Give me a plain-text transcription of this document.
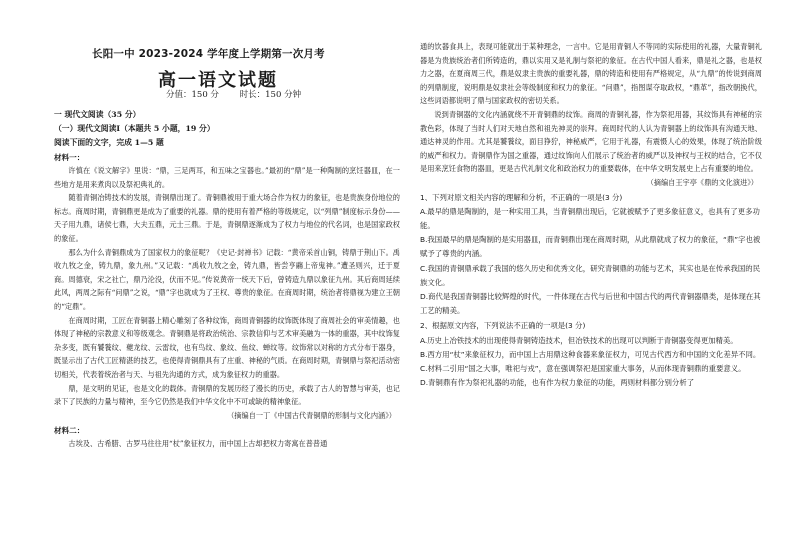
长阳一中 2023-2024 学年度上学期第一次月考
高一语文试题
分值：150 分 时长：150 分钟

一 现代文阅读（35 分）

（一）现代文阅读Ⅰ（本题共 5 小题，19 分）

阅读下面的文字，完成 1—5 题

材料一：

许慎在《说文解字》里说：“鼎，三足两耳，和五味之宝器也。”最初的“鼎”是一种陶制的烹饪器皿，在一些地方是用来煮肉以及祭祀典礼的。

随着青铜冶铸技术的发展，青铜鼎出现了。青铜鼎被用于重大场合作为权力的象征，也是贵族身份地位的标志。商周时期，青铜鼎更是成为了重要的礼器。鼎的使用有着严格的等级规定，以“列鼎”制度标示身份——天子用九鼎，诸侯七鼎，大夫五鼎，元士三鼎。于是，青铜鼎逐渐成为了权力与地位的代名词，也是国家政权的象征。

那么为什么青铜鼎成为了国家权力的象征呢？《史记·封禅书》记载：“黄帝采首山铜，铸鼎于荆山下。禹收九牧之金，铸九鼎，象九州。”又记载：“禹收九牧之金，铸九鼎，皆尝亨鬺上帝鬼神。”遭圣则兴，迁于夏商。周德衰，宋之社亡，鼎乃沦没，伏而不见。”传说黄帝一统天下后，曾铸造九鼎以象征九州。其后商周延续此风，两周之际有“问鼎”之说，“鼎”字也就成为了王权、尊贵的象征。在商周时期，统治者将鼎视为建立王朝的“定鼎”。

在商周时期，工匠在青铜器上精心雕刻了各种纹饰，商周青铜器的纹饰既体现了商周社会的审美情趣，也体现了神秘的宗教意义和等级观念。青铜鼎是将政治统治、宗教信仰与艺术审美融为一体的重器，其中纹饰复杂多变，既有饕餮纹、夔龙纹、云雷纹，也有鸟纹、象纹、鱼纹、蝉纹等。纹饰常以对称的方式分布于器身，既显示出了古代工匠精湛的技艺，也使得青铜鼎具有了庄重、神秘的气质。在商周时期，青铜鼎与祭祀活动密切相关，代表着统治者与天、与祖先沟通的方式，成为象征权力的重器。

鼎，是文明的见证，也是文化的载体。青铜鼎的发展历经了漫长的历史，承载了古人的智慧与审美，也记录下了民族的力量与精神，至今它仍然是我们中华文化中不可或缺的精神象征。

（摘编自一丁《中国古代青铜鼎的形制与文化内涵》）

材料二：

古埃及、古希腊、古罗马往往用“杖”象征权力，而中国上古却把权力寄寓在普普通

通的饮器食具上，表现可能就出于某种理念，一言中。它是用青铜人不等同的实际使用的礼器，大量青铜礼器是为贵族统治者们所铸造的，鼎以实用又是礼制与祭祀的象征。在古代中国人看来，鼎是礼之器，也是权力之器，在夏商周三代，鼎是奴隶主贵族的重要礼器，鼎的铸造和使用有严格规定，从“九鼎”的传说到商周的列鼎制度，说明鼎是奴隶社会等级制度和权力的象征。“问鼎”，指图谋夺取政权，“鼎革”，指改朝换代，这些词语都说明了鼎与国家政权的密切关系。

说到青铜器的文化内涵就绕不开青铜鼎的纹饰。商周的青铜礼器，作为祭祀用器，其纹饰具有神秘的宗教色彩，体现了当时人们对天地自然和祖先神灵的崇拜。商周时代的人认为青铜器上的纹饰具有沟通天地、通达神灵的作用。尤其是饕餮纹，面目狰狞，神秘威严，它用于礼器，有震慑人心的效果，体现了统治阶级的威严和权力。青铜鼎作为国之重器，通过纹饰向人们展示了统治者的威严以及神权与王权的结合，它不仅是用来烹饪食物的器皿，更是古代礼制文化和政治权力的重要载体，在中华文明发展史上占有重要的地位。

（摘编自王宇亭《鼎的文化演进》）

1、下列对原文相关内容的理解和分析，不正确的一项是(3 分)

A.最早的鼎是陶制的，是一种实用工具，当青铜鼎出现后，它就被赋予了更多象征意义，也具有了更多功能。

B.我国最早的鼎是陶制的是实用器皿，而青铜鼎出现在商周时期，从此鼎就成了权力的象征，“鼎”字也被赋予了尊贵的内涵。

C.我国的青铜鼎承载了我国的悠久历史和优秀文化，研究青铜鼎的功能与艺术，其实也是在传承我国的民族文化。

D.商代是我国青铜器比较辉煌的时代，一件体现在古代与后世和中国古代的两代青铜器鼎类，是体现在其工艺的精美。

2、根据原文内容，下列说法不正确的一项是(3 分)

A.历史上冶铁技术的出现使得青铜铸造技术，但冶铁技术的出现可以判断于青铜器变得更加精美。

B.西方用“杖”来象征权力，而中国上古用鼎这种食器来象征权力，可见古代西方和中国的文化差异不同。

C.材料二引用“国之大事，唯祀与戎”，意在强调祭祀是国家重大事务，从而体现青铜鼎的重要意义。

D.青铜鼎有作为祭祀礼器的功能，也有作为权力象征的功能，两则材料都分别分析了
